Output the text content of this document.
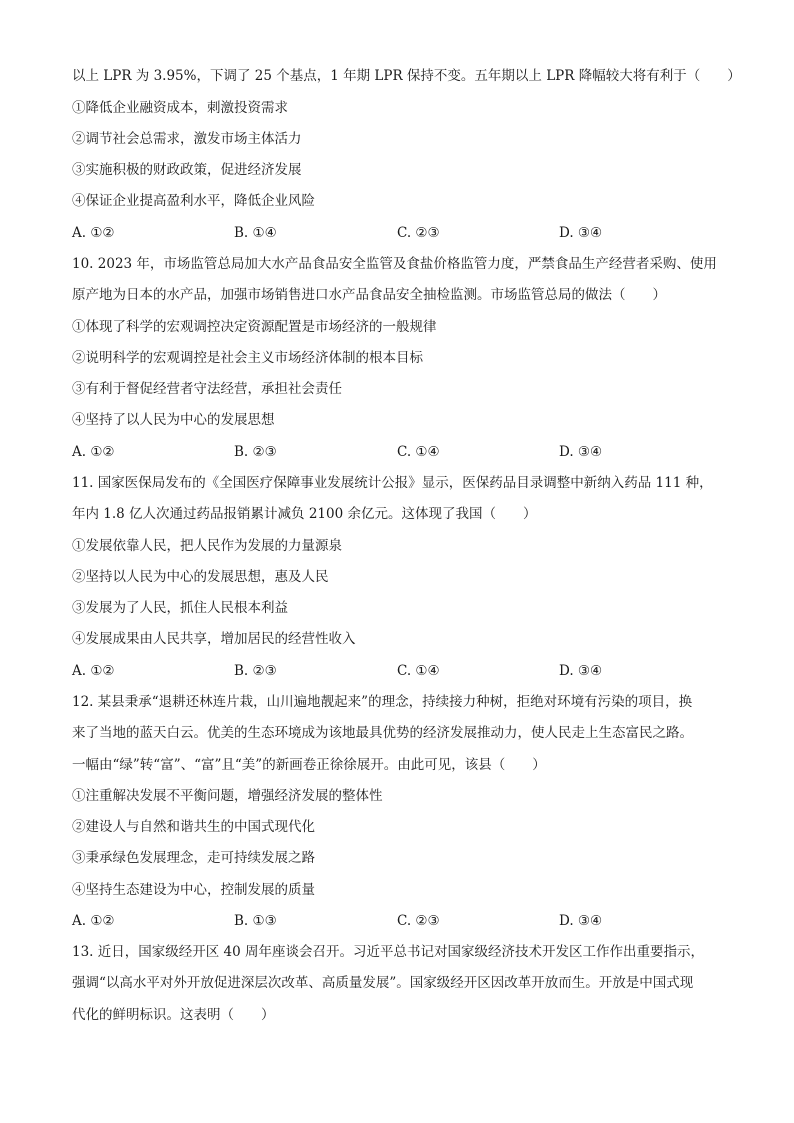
以上 LPR 为 3.95%，下调了 25 个基点，1 年期 LPR 保持不变。五年期以上 LPR 降幅较大将有利于（　　）
①降低企业融资成本，刺激投资需求
②调节社会总需求，激发市场主体活力
③实施积极的财政政策，促进经济发展
④保证企业提高盈利水平，降低企业风险
A. ①②	B. ①④	C. ②③	D. ③④
10. 2023 年，市场监管总局加大水产品食品安全监管及食盐价格监管力度，严禁食品生产经营者采购、使用
原产地为日本的水产品，加强市场销售进口水产品食品安全抽检监测。市场监管总局的做法（　　）
①体现了科学的宏观调控决定资源配置是市场经济的一般规律
②说明科学的宏观调控是社会主义市场经济体制的根本目标
③有利于督促经营者守法经营，承担社会责任
④坚持了以人民为中心的发展思想
A. ①②	B. ②③	C. ①④	D. ③④
11. 国家医保局发布的《全国医疗保障事业发展统计公报》显示，医保药品目录调整中新纳入药品 111 种，
年内 1.8 亿人次通过药品报销累计减负 2100 余亿元。这体现了我国（　　）
①发展依靠人民，把人民作为发展的力量源泉
②坚持以人民为中心的发展思想，惠及人民
③发展为了人民，抓住人民根本利益
④发展成果由人民共享，增加居民的经营性收入
A. ①②	B. ②③	C. ①④	D. ③④
12. 某县秉承“退耕还林连片栽，山川遍地靓起来”的理念，持续接力种树，拒绝对环境有污染的项目，换
来了当地的蓝天白云。优美的生态环境成为该地最具优势的经济发展推动力，使人民走上生态富民之路。
一幅由“绿”转“富”、“富”且“美”的新画卷正徐徐展开。由此可见，该县（　　）
①注重解决发展不平衡问题，增强经济发展的整体性
②建设人与自然和谐共生的中国式现代化
③秉承绿色发展理念，走可持续发展之路
④坚持生态建设为中心，控制发展的质量
A. ①②	B. ①③	C. ②③	D. ③④
13. 近日，国家级经开区 40 周年座谈会召开。习近平总书记对国家级经济技术开发区工作作出重要指示，
强调“以高水平对外开放促进深层次改革、高质量发展”。国家级经开区因改革开放而生。开放是中国式现
代化的鲜明标识。这表明（　　）
